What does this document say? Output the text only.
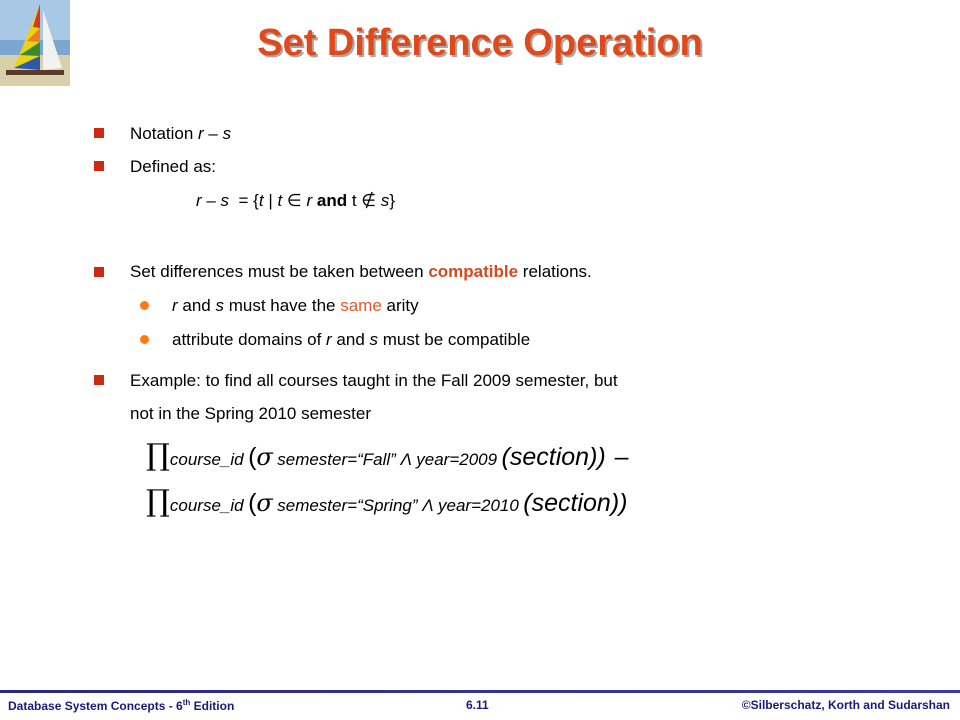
Set Difference Operation
Notation r – s
Defined as:
r – s = {t | t ∈ r and t ∉ s}
Set differences must be taken between compatible relations.
r and s must have the same arity
attribute domains of r and s must be compatible
Example: to find all courses taught in the Fall 2009 semester, but
not in the Spring 2010 semester
∏course_id (σ semester=“Fall” Λ year=2009 (section)) –
∏course_id (σ semester=“Spring” Λ year=2010 (section))
Database System Concepts - 6th Edition	6.11	©Silberschatz, Korth and Sudarshan
